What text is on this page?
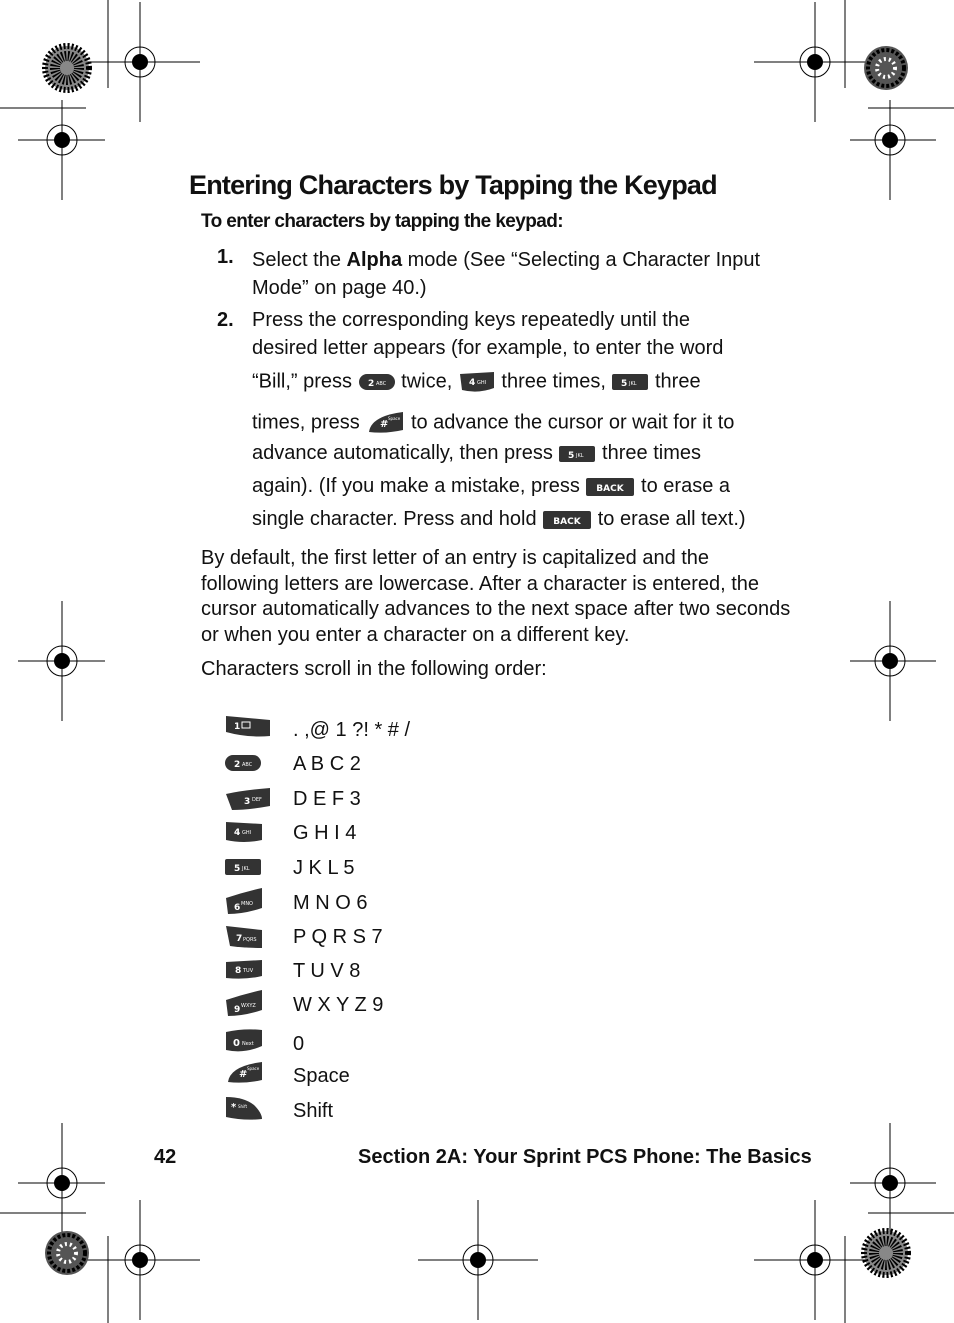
Entering Characters by Tapping the Keypad
To enter characters by tapping the keypad:
1. Select the Alpha mode (See “Selecting a Character Input Mode” on page 40.)
2. Press the corresponding keys repeatedly until the
desired letter appears (for example, to enter the word
“Bill,” press 2 ABC twice, 4 GHI three times, 5 JKL three
times, press #
Space to advance the cursor or wait for it to
advance automatically, then press 5 JKL three times
again). (If you make a mistake, press BACK to erase a
single character. Press and hold BACK to erase all text.)
By default, the first letter of an entry is capitalized and the following letters are lowercase. After a character is entered, the cursor automatically advances to the next space after two seconds or when you enter a character on a different key.
Characters scroll in the following order:
1	. ,@ 1 ?! * # /
2 ABC A B C 2
3 DEF D E F 3
4 GHI G H I 4
5 JKL J K L 5
6 MNO M N O 6
7 PQRS P Q R S 7
8 TUV T U V 8
9 WXYZ W X Y Z 9
0 Next 0
#
Space Space
* Shift Shift
42	Section 2A: Your Sprint PCS Phone: The Basics
